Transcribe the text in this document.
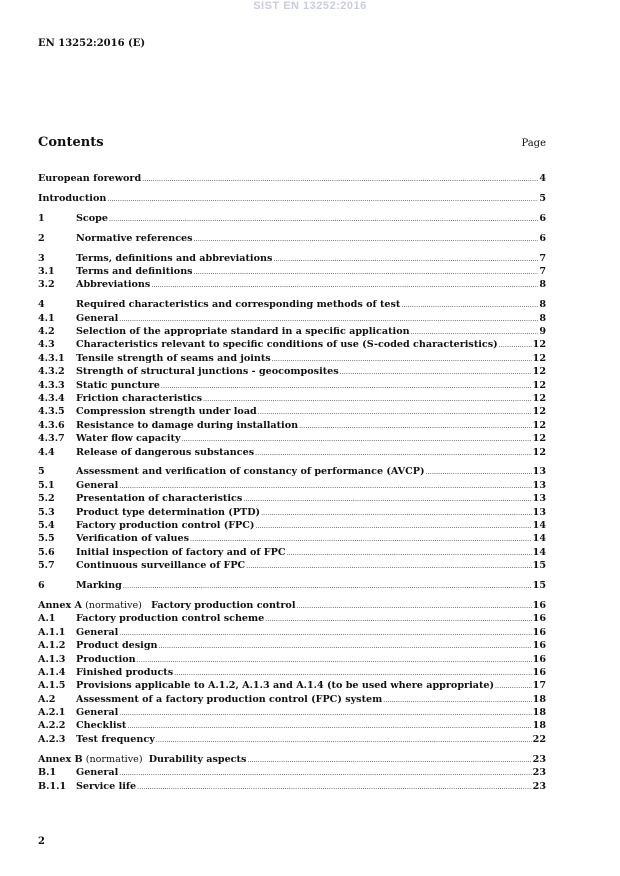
SIST EN 13252:2016
EN 13252:2016 (E)
Contents	Page
European foreword .....	4
Introduction .....	5
1	Scope .....	6
2	Normative references .....	6
3	Terms, definitions and abbreviations .....	7
3.1	Terms and definitions .....	7
3.2	Abbreviations .....	8
4	Required characteristics and corresponding methods of test .....	8
4.1	General .....	8
4.2	Selection of the appropriate standard in a specific application .....	9
4.3	Characteristics relevant to specific conditions of use (S-coded characteristics) .....	12
4.3.1	Tensile strength of seams and joints .....	12
4.3.2	Strength of structural junctions - geocomposites .....	12
4.3.3	Static puncture .....	12
4.3.4	Friction characteristics .....	12
4.3.5	Compression strength under load .....	12
4.3.6	Resistance to damage during installation .....	12
4.3.7	Water flow capacity .....	12
4.4	Release of dangerous substances .....	12
5	Assessment and verification of constancy of performance (AVCP) .....	13
5.1	General .....	13
5.2	Presentation of characteristics .....	13
5.3	Product type determination (PTD) .....	13
5.4	Factory production control (FPC) .....	14
5.5	Verification of values .....	14
5.6	Initial inspection of factory and of FPC .....	14
5.7	Continuous surveillance of FPC .....	15
6	Marking .....	15
Annex A (normative)   Factory production control .....	16
A.1	Factory production control scheme .....	16
A.1.1	General .....	16
A.1.2	Product design .....	16
A.1.3	Production .....	16
A.1.4	Finished products .....	16
A.1.5	Provisions applicable to A.1.2, A.1.3 and A.1.4 (to be used where appropriate) .....	17
A.2	Assessment of a factory production control (FPC) system .....	18
A.2.1	General .....	18
A.2.2	Checklist .....	18
A.2.3	Test frequency .....	22
Annex B (normative)  Durability aspects .....	23
B.1	General .....	23
B.1.1	Service life .....	23
2
